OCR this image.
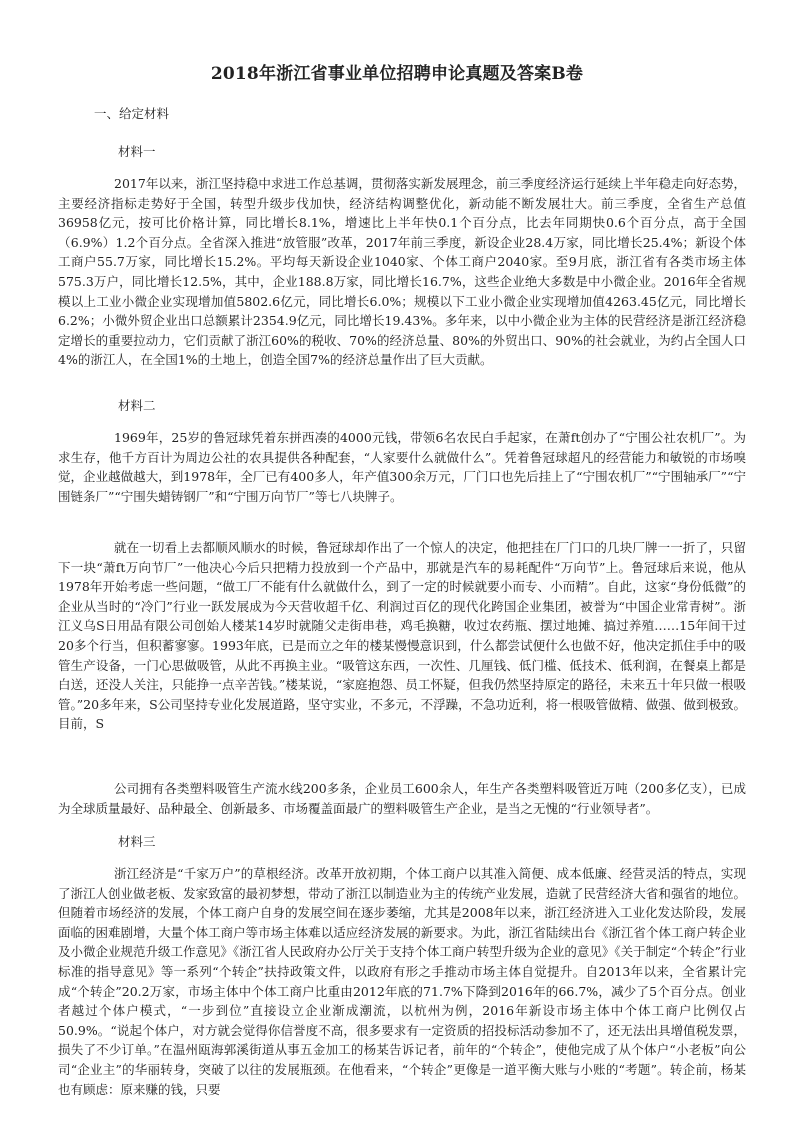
2018年浙江省事业单位招聘申论真题及答案B卷
一、给定材料
材料一

2017年以来，浙江坚持稳中求进工作总基调，贯彻落实新发展理念，前三季度经济运行延续上半年稳走向好态势，主要经济指标走势好于全国，转型升级步伐加快，经济结构调整优化，新动能不断发展壮大。前三季度，全省生产总值36958亿元，按可比价格计算，同比增长8.1%，增速比上半年快0.1个百分点，比去年同期快0.6个百分点，高于全国（6.9%）1.2个百分点。全省深入推进“放管服”改革，2017年前三季度，新设企业28.4万家，同比增长25.4%；新设个体工商户55.7万家，同比增长15.2%。平均每天新设企业1040家、个体工商户2040家。至9月底，浙江省有各类市场主体575.3万户，同比增长12.5%，其中，企业188.8万家，同比增长16.7%，这些企业绝大多数是中小微企业。2016年全省规模以上工业小微企业实现增加值5802.6亿元，同比增长6.0%；规模以下工业小微企业实现增加值4263.45亿元，同比增长6.2%；小微外贸企业出口总额累计2354.9亿元，同比增长19.43%。多年来，以中小微企业为主体的民营经济是浙江经济稳定增长的重要拉动力，它们贡献了浙江60%的税收、70%的经济总量、80%的外贸出口、90%的社会就业，为约占全国人口4%的浙江人，在全国1%的土地上，创造全国7%的经济总量作出了巨大贡献。

材料二

1969年，25岁的鲁冠球凭着东拼西凑的4000元钱，带领6名农民白手起家，在萧ft创办了“宁围公社农机厂”。为求生存，他千方百计为周边公社的农具提供各种配套，“人家要什么就做什么”。凭着鲁冠球超凡的经营能力和敏锐的市场嗅觉，企业越做越大，到1978年，全厂已有400多人，年产值300余万元，厂门口也先后挂上了“宁围农机厂”“宁围轴承厂”“宁围链条厂”“宁围失蜡铸钢厂”和“宁围万向节厂”等七八块牌子。

就在一切看上去都顺风顺水的时候，鲁冠球却作出了一个惊人的决定，他把挂在厂门口的几块厂牌一一折了，只留下一块“萧ft万向节厂”一他决心今后只把精力投放到一个产品中，那就是汽车的易耗配件“万向节”上。鲁冠球后来说，他从1978年开始考虑一些问题，“做工厂不能有什么就做什么，到了一定的时候就要小而专、小而精”。自此，这家“身份低微”的企业从当时的“冷门”行业一跃发展成为今天营收超千亿、利润过百亿的现代化跨国企业集团，被誉为“中国企业常青树”。浙江义乌S日用品有限公司创始人楼某14岁时就随父走街串巷，鸡毛换糖，收过农药瓶、摆过地摊、搞过养殖……15年间干过20多个行当，但积蓄寥寥。1993年底，已是而立之年的楼某慢慢意识到，什么都尝试便什么也做不好，他决定抓住手中的吸管生产设备，一门心思做吸管，从此不再换主业。“吸管这东西，一次性、几厘钱、低门槛、低技术、低利润，在餐桌上都是白送，还没人关注，只能挣一点辛苦钱。”楼某说，“家庭抱怨、员工怀疑，但我仍然坚持原定的路径，未来五十年只做一根吸管。”20多年来，S公司坚持专业化发展道路，坚守实业，不多元，不浮躁，不急功近利，将一根吸管做精、做强、做到极致。目前，S

公司拥有各类塑料吸管生产流水线200多条，企业员工600余人，年生产各类塑料吸管近万吨（200多亿支），已成为全球质量最好、品种最全、创新最多、市场覆盖面最广的塑料吸管生产企业，是当之无愧的“行业领导者”。

材料三

浙江经济是“千家万户”的草根经济。改革开放初期，个体工商户以其准入简便、成本低廉、经营灵活的特点，实现了浙江人创业做老板、发家致富的最初梦想，带动了浙江以制造业为主的传统产业发展，造就了民营经济大省和强省的地位。但随着市场经济的发展，个体工商户自身的发展空间在逐步萎缩，尤其是2008年以来，浙江经济进入工业化发达阶段，发展面临的困难剧增，大量个体工商户等市场主体难以适应经济发展的新要求。为此，浙江省陆续出台《浙江省个体工商户转企业及小微企业规范升级工作意见》《浙江省人民政府办公厅关于支持个体工商户转型升级为企业的意见》《关于制定“个转企”行业标准的指导意见》等一系列“个转企”扶持政策文件，以政府有形之手推动市场主体自觉提升。自2013年以来，全省累计完成“个转企”20.2万家，市场主体中个体工商户比重由2012年底的71.7%下降到2016年的66.7%，减少了5个百分点。创业者越过个体户模式，“一步到位”直接设立企业渐成潮流，以杭州为例，2016年新设市场主体中个体工商户比例仅占50.9%。“说起个体户，对方就会觉得你信誉度不高，很多要求有一定资质的招投标活动参加不了，还无法出具增值税发票，损失了不少订单。”在温州瓯海郭溪街道从事五金加工的杨某告诉记者，前年的“个转企”，使他完成了从个体户“小老板”向公司“企业主”的华丽转身，突破了以往的发展瓶颈。在他看来，“个转企”更像是一道平衡大账与小账的“考题”。转企前，杨某也有顾虑：原来赚的钱，只要
